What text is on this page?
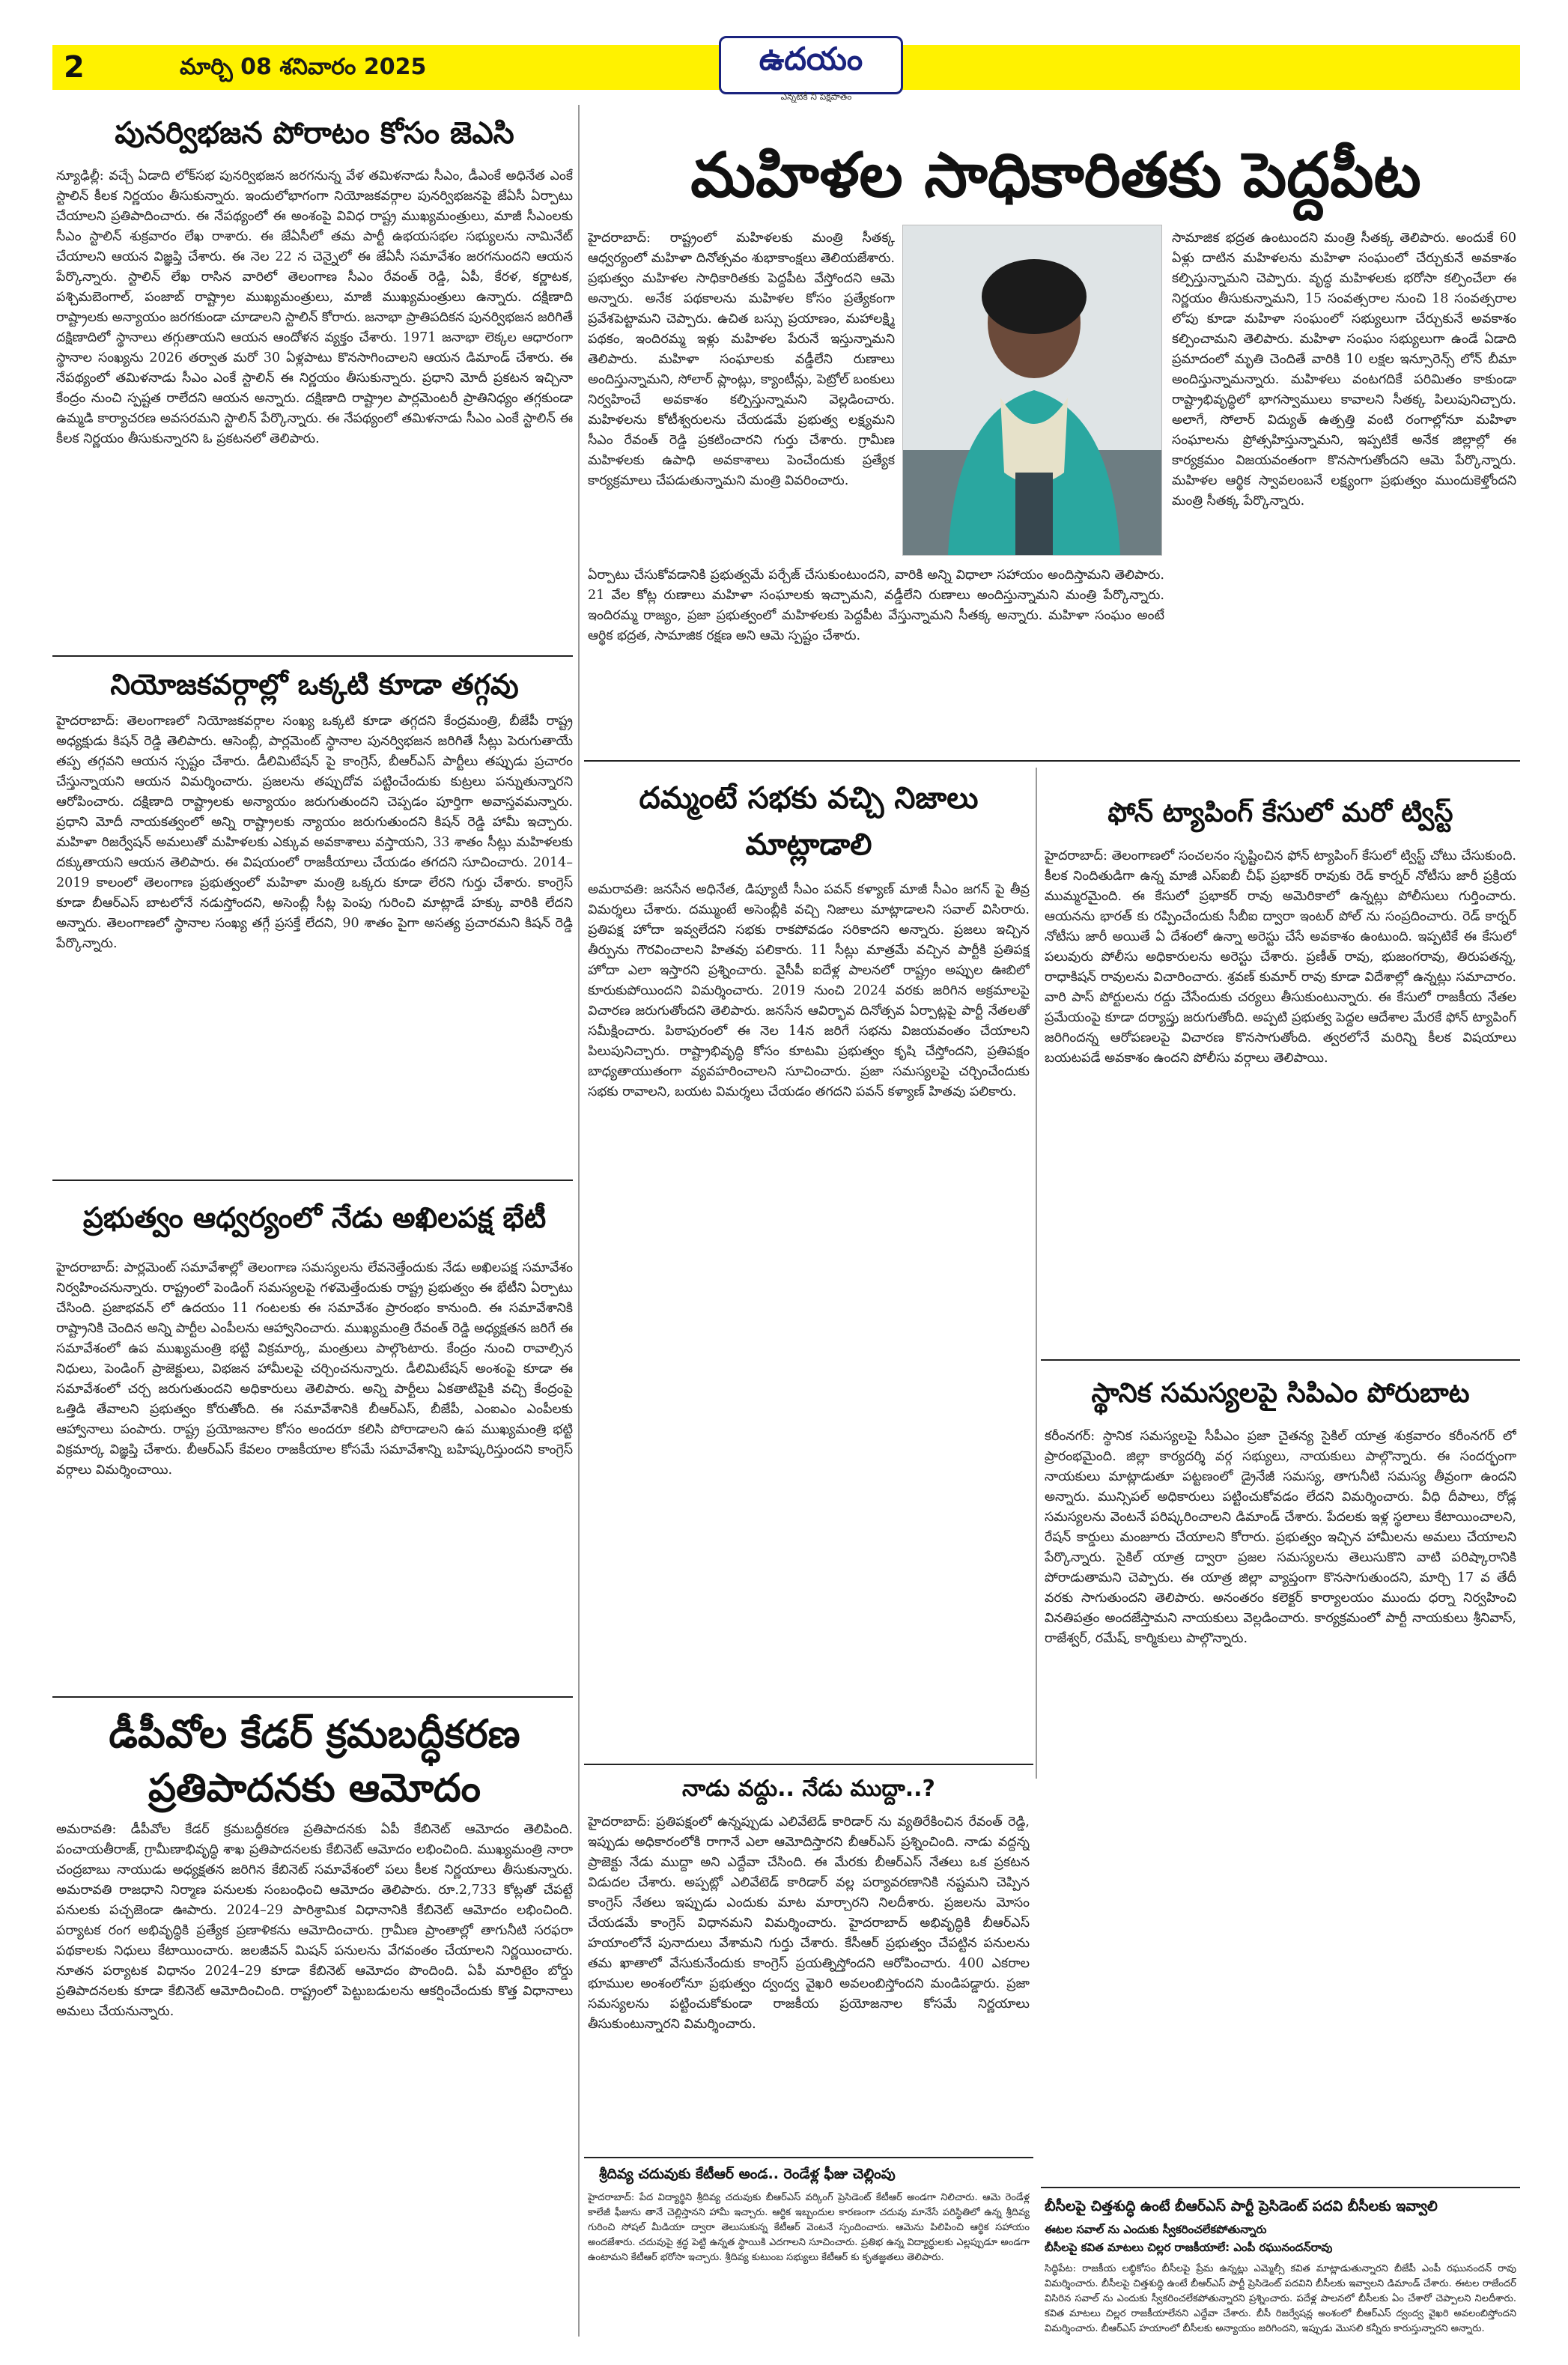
2	మార్చి 08 శనివారం 2025	ఉదయం
ఎన్నటికీ నీ పక్షపాతం
పునర్విభజన పోరాటం కోసం జెఎసి
న్యూఢిల్లీ: వచ్చే ఏడాది లోక్‌సభ పునర్విభజన జరగనున్న వేళ తమిళనాడు సీఎం, డీఎంకే అధినేత ఎంకే స్టాలిన్ కీలక నిర్ణయం తీసుకున్నారు. ఇందులోభాగంగా నియోజకవర్గాల పునర్విభజనపై జేఏసీ ఏర్పాటు చేయాలని ప్రతిపాదించారు. ఈ నేపథ్యంలో ఈ అంశంపై వివిధ రాష్ట్ర ముఖ్యమంత్రులు, మాజీ సీఎంలకు సీఎం స్టాలిన్ శుక్రవారం లేఖ రాశారు. ఈ జేఏసీలో తమ పార్టీ ఉభయసభల సభ్యులను నామినేట్ చేయాలని ఆయన విజ్ఞప్తి చేశారు. ఈ నెల 22 న చెన్నైలో ఈ జేఏసీ సమావేశం జరగనుందని ఆయన పేర్కొన్నారు. స్టాలిన్ లేఖ రాసిన వారిలో తెలంగాణ సీఎం రేవంత్ రెడ్డి, ఏపీ, కేరళ, కర్ణాటక, పశ్చిమబెంగాల్, పంజాబ్ రాష్ట్రాల ముఖ్యమంత్రులు, మాజీ ముఖ్యమంత్రులు ఉన్నారు. దక్షిణాది రాష్ట్రాలకు అన్యాయం జరగకుండా చూడాలని స్టాలిన్ కోరారు. జనాభా ప్రాతిపదికన పునర్విభజన జరిగితే దక్షిణాదిలో స్థానాలు తగ్గుతాయని ఆయన ఆందోళన వ్యక్తం చేశారు. 1971 జనాభా లెక్కల ఆధారంగా స్థానాల సంఖ్యను 2026 తర్వాత మరో 30 ఏళ్లపాటు కొనసాగించాలని ఆయన డిమాండ్ చేశారు. ఈ నేపథ్యంలో తమిళనాడు సీఎం ఎంకే స్టాలిన్ ఈ నిర్ణయం తీసుకున్నారు. ప్రధాని మోదీ ప్రకటన ఇచ్చినా కేంద్రం నుంచి స్పష్టత రాలేదని ఆయన అన్నారు. దక్షిణాది రాష్ట్రాల పార్లమెంటరీ ప్రాతినిధ్యం తగ్గకుండా ఉమ్మడి కార్యాచరణ అవసరమని స్టాలిన్ పేర్కొన్నారు. ఈ నేపథ్యంలో తమిళనాడు సీఎం ఎంకే స్టాలిన్ ఈ కీలక నిర్ణయం తీసుకున్నారని ఓ ప్రకటనలో తెలిపారు.
మహిళల సాధికారితకు పెద్దపీట
హైదరాబాద్: రాష్ట్రంలో మహిళలకు మంత్రి సీతక్క ఆధ్వర్యంలో మహిళా దినోత్సవం శుభాకాంక్షలు తెలియజేశారు. ప్రభుత్వం మహిళల సాధికారితకు పెద్దపీట వేస్తోందని ఆమె అన్నారు. అనేక పథకాలను మహిళల కోసం ప్రత్యేకంగా ప్రవేశపెట్టామని చెప్పారు. ఉచిత బస్సు ప్రయాణం, మహాలక్ష్మి పథకం, ఇందిరమ్మ ఇళ్లు మహిళల పేరునే ఇస్తున్నామని తెలిపారు. మహిళా సంఘాలకు వడ్డీలేని రుణాలు అందిస్తున్నామని, సోలార్ ప్లాంట్లు, క్యాంటీన్లు, పెట్రోల్ బంకులు నిర్వహించే అవకాశం కల్పిస్తున్నామని వెల్లడించారు. మహిళలను కోటీశ్వరులను చేయడమే ప్రభుత్వ లక్ష్యమని సీఎం రేవంత్ రెడ్డి ప్రకటించారని గుర్తు చేశారు. గ్రామీణ మహిళలకు ఉపాధి అవకాశాలు పెంచేందుకు ప్రత్యేక కార్యక్రమాలు చేపడుతున్నామని మంత్రి వివరించారు.
సామాజిక భద్రత ఉంటుందని మంత్రి సీతక్క తెలిపారు. అందుకే 60 ఏళ్లు దాటిన మహిళలను మహిళా సంఘంలో చేర్చుకునే అవకాశం కల్పిస్తున్నామని చెప్పారు. వృద్ధ మహిళలకు భరోసా కల్పించేలా ఈ నిర్ణయం తీసుకున్నామని, 15 సంవత్సరాల నుంచి 18 సంవత్సరాల లోపు కూడా మహిళా సంఘంలో సభ్యులుగా చేర్చుకునే అవకాశం కల్పించామని తెలిపారు. మహిళా సంఘం సభ్యులుగా ఉండే ఏడాది ప్రమాదంలో మృతి చెందితే వారికి 10 లక్షల ఇన్సూరెన్స్ లోన్ బీమా అందిస్తున్నామన్నారు. మహిళలు వంటగదికే పరిమితం కాకుండా రాష్ట్రాభివృద్ధిలో భాగస్వాములు కావాలని సీతక్క పిలుపునిచ్చారు. అలాగే, సోలార్ విద్యుత్ ఉత్పత్తి వంటి రంగాల్లోనూ మహిళా సంఘాలను ప్రోత్సహిస్తున్నామని, ఇప్పటికే అనేక జిల్లాల్లో ఈ కార్యక్రమం విజయవంతంగా కొనసాగుతోందని ఆమె పేర్కొన్నారు. మహిళల ఆర్థిక స్వావలంబనే లక్ష్యంగా ప్రభుత్వం ముందుకెళ్తోందని మంత్రి సీతక్క పేర్కొన్నారు.
ఏర్పాటు చేసుకోవడానికి ప్రభుత్వమే పర్చేజ్ చేసుకుంటుందని, వారికి అన్ని విధాలా సహాయం అందిస్తామని తెలిపారు. 21 వేల కోట్ల రుణాలు మహిళా సంఘాలకు ఇచ్చామని, వడ్డీలేని రుణాలు అందిస్తున్నామని మంత్రి పేర్కొన్నారు. ఇందిరమ్మ రాజ్యం, ప్రజా ప్రభుత్వంలో మహిళలకు పెద్దపీట వేస్తున్నామని సీతక్క అన్నారు. మహిళా సంఘం అంటే ఆర్థిక భద్రత, సామాజిక రక్షణ అని ఆమె స్పష్టం చేశారు.
నియోజకవర్గాల్లో ఒక్కటి కూడా తగ్గవు
హైదరాబాద్: తెలంగాణలో నియోజకవర్గాల సంఖ్య ఒక్కటి కూడా తగ్గదని కేంద్రమంత్రి, బీజేపీ రాష్ట్ర అధ్యక్షుడు కిషన్ రెడ్డి తెలిపారు. ఆసెంబ్లీ, పార్లమెంట్ స్థానాల పునర్విభజన జరిగితే సీట్లు పెరుగుతాయే తప్ప తగ్గవని ఆయన స్పష్టం చేశారు. డీలిమిటేషన్ పై కాంగ్రెస్, బీఆర్ఎస్ పార్టీలు తప్పుడు ప్రచారం చేస్తున్నాయని ఆయన విమర్శించారు. ప్రజలను తప్పుదోవ పట్టించేందుకు కుట్రలు పన్నుతున్నారని ఆరోపించారు. దక్షిణాది రాష్ట్రాలకు అన్యాయం జరుగుతుందని చెప్పడం పూర్తిగా అవాస్తవమన్నారు. ప్రధాని మోదీ నాయకత్వంలో అన్ని రాష్ట్రాలకు న్యాయం జరుగుతుందని కిషన్ రెడ్డి హామీ ఇచ్చారు. మహిళా రిజర్వేషన్ అమలుతో మహిళలకు ఎక్కువ అవకాశాలు వస్తాయని, 33 శాతం సీట్లు మహిళలకు దక్కుతాయని ఆయన తెలిపారు. ఈ విషయంలో రాజకీయాలు చేయడం తగదని సూచించారు. 2014–2019 కాలంలో తెలంగాణ ప్రభుత్వంలో మహిళా మంత్రి ఒక్కరు కూడా లేరని గుర్తు చేశారు. కాంగ్రెస్ కూడా బీఆర్ఎస్ బాటలోనే నడుస్తోందని, అసెంబ్లీ సీట్ల పెంపు గురించి మాట్లాడే హక్కు వారికి లేదని అన్నారు. తెలంగాణలో స్థానాల సంఖ్య తగ్గే ప్రసక్తే లేదని, 90 శాతం పైగా అసత్య ప్రచారమని కిషన్ రెడ్డి పేర్కొన్నారు.
ప్రభుత్వం ఆధ్వర్యంలో నేడు అఖిలపక్ష భేటీ
హైదరాబాద్: పార్లమెంట్ సమావేశాల్లో తెలంగాణ సమస్యలను లేవనెత్తేందుకు నేడు అఖిలపక్ష సమావేశం నిర్వహించనున్నారు. రాష్ట్రంలో పెండింగ్ సమస్యలపై గళమెత్తేందుకు రాష్ట్ర ప్రభుత్వం ఈ భేటీని ఏర్పాటు చేసింది. ప్రజాభవన్ లో ఉదయం 11 గంటలకు ఈ సమావేశం ప్రారంభం కానుంది. ఈ సమావేశానికి రాష్ట్రానికి చెందిన అన్ని పార్టీల ఎంపీలను ఆహ్వానించారు. ముఖ్యమంత్రి రేవంత్ రెడ్డి అధ్యక్షతన జరిగే ఈ సమావేశంలో ఉప ముఖ్యమంత్రి భట్టి విక్రమార్క, మంత్రులు పాల్గొంటారు. కేంద్రం నుంచి రావాల్సిన నిధులు, పెండింగ్ ప్రాజెక్టులు, విభజన హామీలపై చర్చించనున్నారు. డీలిమిటేషన్ అంశంపై కూడా ఈ సమావేశంలో చర్చ జరుగుతుందని అధికారులు తెలిపారు. అన్ని పార్టీలు ఏకతాటిపైకి వచ్చి కేంద్రంపై ఒత్తిడి తేవాలని ప్రభుత్వం కోరుతోంది. ఈ సమావేశానికి బీఆర్ఎస్, బీజేపీ, ఎంఐఎం ఎంపీలకు ఆహ్వానాలు పంపారు. రాష్ట్ర ప్రయోజనాల కోసం అందరూ కలిసి పోరాడాలని ఉప ముఖ్యమంత్రి భట్టి విక్రమార్క విజ్ఞప్తి చేశారు. బీఆర్ఎస్ కేవలం రాజకీయాల కోసమే సమావేశాన్ని బహిష్కరిస్తుందని కాంగ్రెస్ వర్గాలు విమర్శించాయి.
డీపీవోల కేడర్ క్రమబద్ధీకరణ ప్రతిపాదనకు ఆమోదం
అమరావతి: డీపీవోల కేడర్ క్రమబద్ధీకరణ ప్రతిపాదనకు ఏపీ కేబినెట్ ఆమోదం తెలిపింది. పంచాయతీరాజ్, గ్రామీణాభివృద్ధి శాఖ ప్రతిపాదనలకు కేబినెట్ ఆమోదం లభించింది. ముఖ్యమంత్రి నారా చంద్రబాబు నాయుడు అధ్యక్షతన జరిగిన కేబినెట్ సమావేశంలో పలు కీలక నిర్ణయాలు తీసుకున్నారు. అమరావతి రాజధాని నిర్మాణ పనులకు సంబంధించి ఆమోదం తెలిపారు. రూ.2,733 కోట్లతో చేపట్టే పనులకు పచ్చజెండా ఊపారు. 2024–29 పారిశ్రామిక విధానానికి కేబినెట్ ఆమోదం లభించింది. పర్యాటక రంగ అభివృద్ధికి ప్రత్యేక ప్రణాళికను ఆమోదించారు. గ్రామీణ ప్రాంతాల్లో తాగునీటి సరఫరా పథకాలకు నిధులు కేటాయించారు. జలజీవన్ మిషన్ పనులను వేగవంతం చేయాలని నిర్ణయించారు. నూతన పర్యాటక విధానం 2024–29 కూడా కేబినెట్ ఆమోదం పొందింది. ఏపీ మారిటైం బోర్డు ప్రతిపాదనలకు కూడా కేబినెట్ ఆమోదించింది. రాష్ట్రంలో పెట్టుబడులను ఆకర్షించేందుకు కొత్త విధానాలు అమలు చేయనున్నారు.
దమ్మంటే సభకు వచ్చి నిజాలు మాట్లాడాలి
అమరావతి: జనసేన అధినేత, డిప్యూటీ సీఎం పవన్ కళ్యాణ్ మాజీ సీఎం జగన్ పై తీవ్ర విమర్శలు చేశారు. దమ్ముంటే అసెంబ్లీకి వచ్చి నిజాలు మాట్లాడాలని సవాల్ విసిరారు. ప్రతిపక్ష హోదా ఇవ్వలేదని సభకు రాకపోవడం సరికాదని అన్నారు. ప్రజలు ఇచ్చిన తీర్పును గౌరవించాలని హితవు పలికారు. 11 సీట్లు మాత్రమే వచ్చిన పార్టీకి ప్రతిపక్ష హోదా ఎలా ఇస్తారని ప్రశ్నించారు. వైసీపీ ఐదేళ్ల పాలనలో రాష్ట్రం అప్పుల ఊబిలో కూరుకుపోయిందని విమర్శించారు. 2019 నుంచి 2024 వరకు జరిగిన అక్రమాలపై విచారణ జరుగుతోందని తెలిపారు. జనసేన ఆవిర్భావ దినోత్సవ ఏర్పాట్లపై పార్టీ నేతలతో సమీక్షించారు. పిఠాపురంలో ఈ నెల 14న జరిగే సభను విజయవంతం చేయాలని పిలుపునిచ్చారు. రాష్ట్రాభివృద్ధి కోసం కూటమి ప్రభుత్వం కృషి చేస్తోందని, ప్రతిపక్షం బాధ్యతాయుతంగా వ్యవహరించాలని సూచించారు. ప్రజా సమస్యలపై చర్చించేందుకు సభకు రావాలని, బయట విమర్శలు చేయడం తగదని పవన్ కళ్యాణ్ హితవు పలికారు.
ఫోన్ ట్యాపింగ్ కేసులో మరో ట్విస్ట్
హైదరాబాద్: తెలంగాణలో సంచలనం సృష్టించిన ఫోన్ ట్యాపింగ్ కేసులో ట్విస్ట్ చోటు చేసుకుంది. కీలక నిందితుడిగా ఉన్న మాజీ ఎస్ఐబీ చీఫ్ ప్రభాకర్ రావుకు రెడ్ కార్నర్ నోటీసు జారీ ప్రక్రియ ముమ్మరమైంది. ఈ కేసులో ప్రభాకర్ రావు అమెరికాలో ఉన్నట్లు పోలీసులు గుర్తించారు. ఆయనను భారత్ కు రప్పించేందుకు సీబీఐ ద్వారా ఇంటర్ పోల్ ను సంప్రదించారు. రెడ్ కార్నర్ నోటీసు జారీ అయితే ఏ దేశంలో ఉన్నా అరెస్టు చేసే అవకాశం ఉంటుంది. ఇప్పటికే ఈ కేసులో పలువురు పోలీసు అధికారులను అరెస్టు చేశారు. ప్రణీత్ రావు, భుజంగరావు, తిరుపతన్న, రాధాకిషన్ రావులను విచారించారు. శ్రవణ్ కుమార్ రావు కూడా విదేశాల్లో ఉన్నట్లు సమాచారం. వారి పాస్ పోర్టులను రద్దు చేసేందుకు చర్యలు తీసుకుంటున్నారు. ఈ కేసులో రాజకీయ నేతల ప్రమేయంపై కూడా దర్యాప్తు జరుగుతోంది. అప్పటి ప్రభుత్వ పెద్దల ఆదేశాల మేరకే ఫోన్ ట్యాపింగ్ జరిగిందన్న ఆరోపణలపై విచారణ కొనసాగుతోంది. త్వరలోనే మరిన్ని కీలక విషయాలు బయటపడే అవకాశం ఉందని పోలీసు వర్గాలు తెలిపాయి.
స్థానిక సమస్యలపై సిపిఎం పోరుబాట
కరీంనగర్: స్థానిక సమస్యలపై సీపీఎం ప్రజా చైతన్య సైకిల్ యాత్ర శుక్రవారం కరీంనగర్ లో ప్రారంభమైంది. జిల్లా కార్యదర్శి వర్గ సభ్యులు, నాయకులు పాల్గొన్నారు. ఈ సందర్భంగా నాయకులు మాట్లాడుతూ పట్టణంలో డ్రైనేజీ సమస్య, తాగునీటి సమస్య తీవ్రంగా ఉందని అన్నారు. మున్సిపల్ అధికారులు పట్టించుకోవడం లేదని విమర్శించారు. వీధి దీపాలు, రోడ్ల సమస్యలను వెంటనే పరిష్కరించాలని డిమాండ్ చేశారు. పేదలకు ఇళ్ల స్థలాలు కేటాయించాలని, రేషన్ కార్డులు మంజూరు చేయాలని కోరారు. ప్రభుత్వం ఇచ్చిన హామీలను అమలు చేయాలని పేర్కొన్నారు. సైకిల్ యాత్ర ద్వారా ప్రజల సమస్యలను తెలుసుకొని వాటి పరిష్కారానికి పోరాడుతామని చెప్పారు. ఈ యాత్ర జిల్లా వ్యాప్తంగా కొనసాగుతుందని, మార్చి 17 వ తేదీ వరకు సాగుతుందని తెలిపారు. అనంతరం కలెక్టర్ కార్యాలయం ముందు ధర్నా నిర్వహించి వినతిపత్రం అందజేస్తామని నాయకులు వెల్లడించారు. కార్యక్రమంలో పార్టీ నాయకులు శ్రీనివాస్, రాజేశ్వర్, రమేష్, కార్మికులు పాల్గొన్నారు.
నాడు వద్దు.. నేడు ముద్దా..?
హైదరాబాద్: ప్రతిపక్షంలో ఉన్నప్పుడు ఎలివేటెడ్ కారిడార్ ను వ్యతిరేకించిన రేవంత్ రెడ్డి, ఇప్పుడు అధికారంలోకి రాగానే ఎలా ఆమోదిస్తారని బీఆర్ఎస్ ప్రశ్నించింది. నాడు వద్దన్న ప్రాజెక్టు నేడు ముద్దా అని ఎద్దేవా చేసింది. ఈ మేరకు బీఆర్ఎస్ నేతలు ఒక ప్రకటన విడుదల చేశారు. అప్పట్లో ఎలివేటెడ్ కారిడార్ వల్ల పర్యావరణానికి నష్టమని చెప్పిన కాంగ్రెస్ నేతలు ఇప్పుడు ఎందుకు మాట మార్చారని నిలదీశారు. ప్రజలను మోసం చేయడమే కాంగ్రెస్ విధానమని విమర్శించారు. హైదరాబాద్ అభివృద్ధికి బీఆర్ఎస్ హయాంలోనే పునాదులు వేశామని గుర్తు చేశారు. కేసీఆర్ ప్రభుత్వం చేపట్టిన పనులను తమ ఖాతాలో వేసుకునేందుకు కాంగ్రెస్ ప్రయత్నిస్తోందని ఆరోపించారు. 400 ఎకరాల భూముల అంశంలోనూ ప్రభుత్వం ద్వంద్వ వైఖరి అవలంబిస్తోందని మండిపడ్డారు. ప్రజా సమస్యలను పట్టించుకోకుండా రాజకీయ ప్రయోజనాల కోసమే నిర్ణయాలు తీసుకుంటున్నారని విమర్శించారు.
శ్రీదివ్య చదువుకు కేటీఆర్ అండ.. రెండేళ్ల ఫీజు చెల్లింపు
హైదరాబాద్: పేద విద్యార్థిని శ్రీదివ్య చదువుకు బీఆర్ఎస్ వర్కింగ్ ప్రెసిడెంట్ కేటీఆర్ అండగా నిలిచారు. ఆమె రెండేళ్ల కాలేజీ ఫీజును తానే చెల్లిస్తానని హామీ ఇచ్చారు. ఆర్థిక ఇబ్బందుల కారణంగా చదువు మానేసే పరిస్థితిలో ఉన్న శ్రీదివ్య గురించి సోషల్ మీడియా ద్వారా తెలుసుకున్న కేటీఆర్ వెంటనే స్పందించారు. ఆమెను పిలిపించి ఆర్థిక సహాయం అందజేశారు. చదువుపై శ్రద్ధ పెట్టి ఉన్నత స్థాయికి ఎదగాలని సూచించారు. ప్రతిభ ఉన్న విద్యార్థులకు ఎల్లప్పుడూ అండగా ఉంటామని కేటీఆర్ భరోసా ఇచ్చారు. శ్రీదివ్య కుటుంబ సభ్యులు కేటీఆర్ కు కృతజ్ఞతలు తెలిపారు.
బీసీలపై చిత్తశుద్ధి ఉంటే బీఆర్ఎస్ పార్టీ ప్రెసిడెంట్ పదవి బీసీలకు ఇవ్వాలి
ఈటల సవాల్ ను ఎందుకు స్వీకరించలేకపోతున్నారు
బీసీలపై కవిత మాటలు చిల్లర రాజకీయాలే: ఎంపీ రఘునందన్‌రావు
సిద్ధిపేట: రాజకీయ లబ్ధికోసం బీసీలపై ప్రేమ ఉన్నట్లు ఎమ్మెల్సీ కవిత మాట్లాడుతున్నారని బీజేపీ ఎంపీ రఘునందన్ రావు విమర్శించారు. బీసీలపై చిత్తశుద్ధి ఉంటే బీఆర్ఎస్ పార్టీ ప్రెసిడెంట్ పదవిని బీసీలకు ఇవ్వాలని డిమాండ్ చేశారు. ఈటల రాజేందర్ విసిరిన సవాల్ ను ఎందుకు స్వీకరించలేకపోతున్నారని ప్రశ్నించారు. పదేళ్ల పాలనలో బీసీలకు ఏం చేశారో చెప్పాలని నిలదీశారు. కవిత మాటలు చిల్లర రాజకీయాలేనని ఎద్దేవా చేశారు. బీసీ రిజర్వేషన్ల అంశంలో బీఆర్ఎస్ ద్వంద్వ వైఖరి అవలంబిస్తోందని విమర్శించారు. బీఆర్ఎస్ హయాంలో బీసీలకు అన్యాయం జరిగిందని, ఇప్పుడు మొసలి కన్నీరు కారుస్తున్నారని అన్నారు.
